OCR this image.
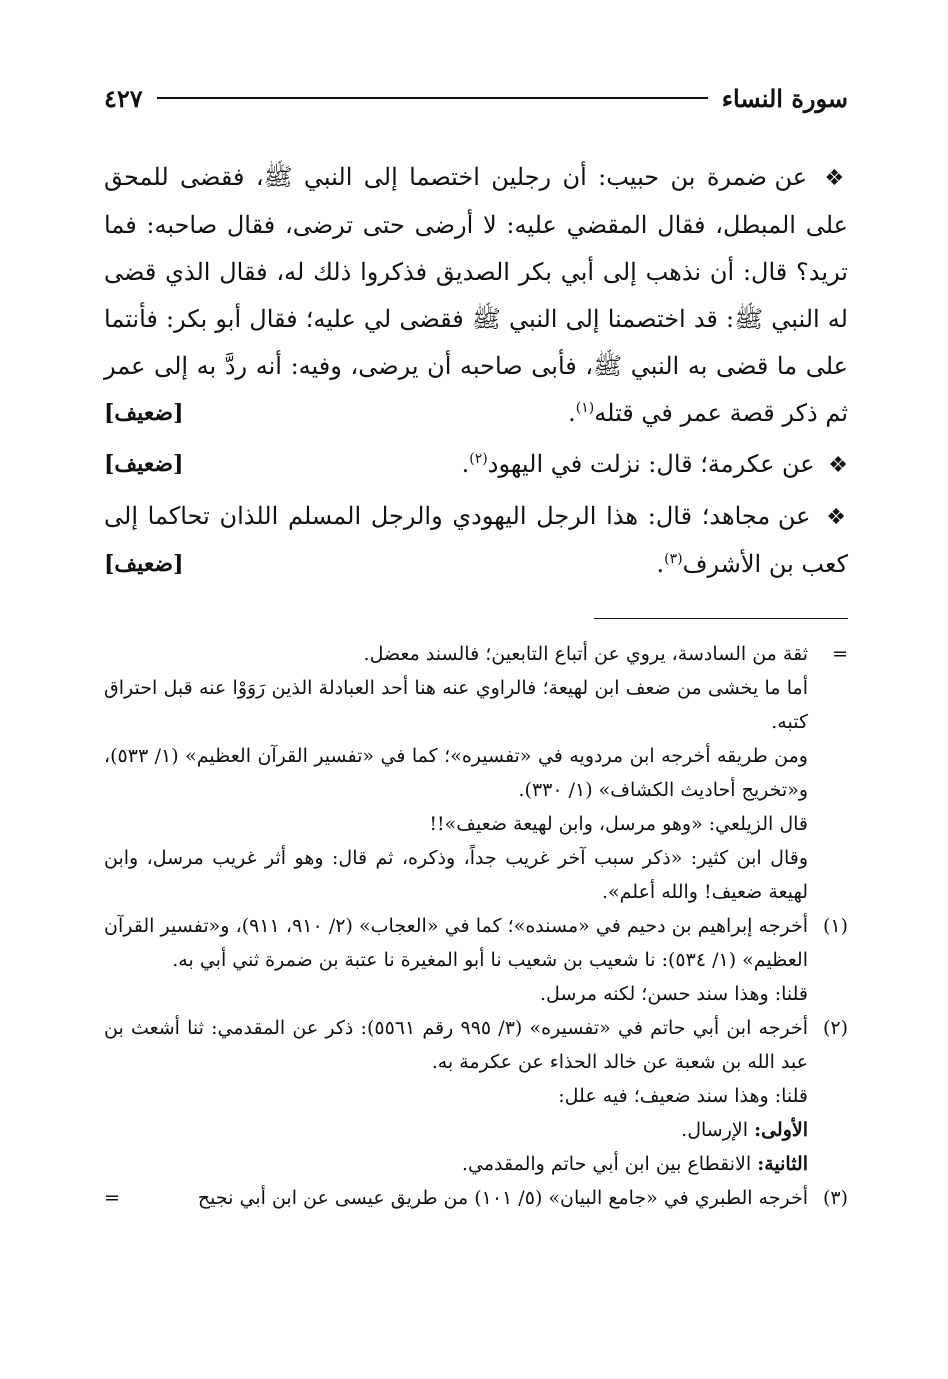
سورة النساء
٤٢٧

❖ عن ضمرة بن حبيب: أن رجلين اختصما إلى النبي ﷺ، فقضى للمحق على المبطل، فقال المقضي عليه: لا أرضى حتى ترضى، فقال صاحبه: فما تريد؟ قال: أن نذهب إلى أبي بكر الصديق فذكروا ذلك له، فقال الذي قضى له النبي ﷺ: قد اختصمنا إلى النبي ﷺ فقضى لي عليه؛ فقال أبو بكر: فأنتما على ما قضى به النبي ﷺ، فأبى صاحبه أن يرضى، وفيه: أنه ردَّ به إلى عمر ثم ذكر قصة عمر في قتله$^{(١)}$.
[ضعيف]

❖ عن عكرمة؛ قال: نزلت في اليهود$^{(٢)}$.
[ضعيف]

❖ عن مجاهد؛ قال: هذا الرجل اليهودي والرجل المسلم اللذان تحاكما إلى كعب بن الأشرف$^{(٣)}$.
[ضعيف]

=
ثقة من السادسة، يروي عن أتباع التابعين؛ فالسند معضل.
أما ما يخشى من ضعف ابن لهيعة؛ فالراوي عنه هنا أحد العبادلة الذين رَوَوْا عنه قبل احتراق كتبه.
ومن طريقه أخرجه ابن مردويه في «تفسيره»؛ كما في «تفسير القرآن العظيم» (١/ ٥٣٣)، و«تخريج أحاديث الكشاف» (١/ ٣٣٠).
قال الزيلعي: «وهو مرسل، وابن لهيعة ضعيف»!!
وقال ابن كثير: «ذكر سبب آخر غريب جداً، وذكره، ثم قال: وهو أثر غريب مرسل، وابن لهيعة ضعيف! والله أعلم».
(١)
أخرجه إبراهيم بن دحيم في «مسنده»؛ كما في «العجاب» (٢/ ٩١٠، ٩١١)، و«تفسير القرآن العظيم» (١/ ٥٣٤): نا شعيب بن شعيب نا أبو المغيرة نا عتبة بن ضمرة ثني أبي به.
قلنا: وهذا سند حسن؛ لكنه مرسل.
(٢)
أخرجه ابن أبي حاتم في «تفسيره» (٣/ ٩٩٥ رقم ٥٥٦١): ذكر عن المقدمي: ثنا أشعث بن عبد الله بن شعبة عن خالد الحذاء عن عكرمة به.
قلنا: وهذا سند ضعيف؛ فيه علل:
الأولى: الإرسال.
الثانية: الانقطاع بين ابن أبي حاتم والمقدمي.
(٣)
أخرجه الطبري في «جامع البيان» (٥/ ١٠١) من طريق عيسى عن ابن أبي نجيح
=
